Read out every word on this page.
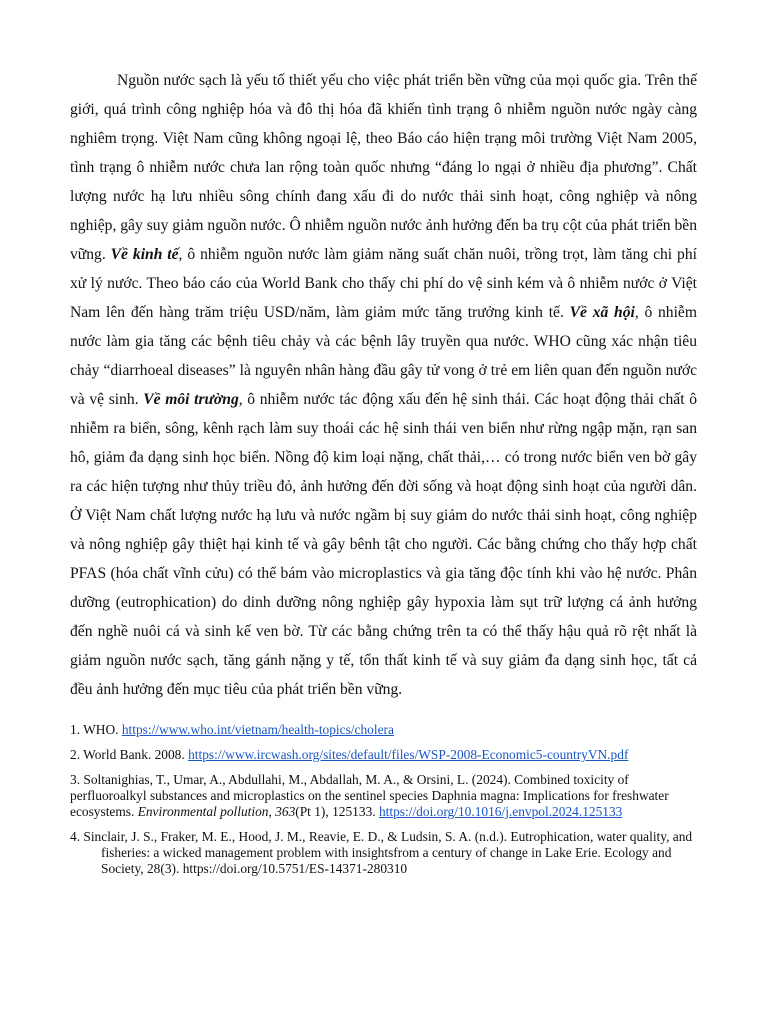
Nguồn nước sạch là yếu tố thiết yếu cho việc phát triển bền vững của mọi quốc gia. Trên thế giới, quá trình công nghiệp hóa và đô thị hóa đã khiến tình trạng ô nhiễm nguồn nước ngày càng nghiêm trọng. Việt Nam cũng không ngoại lệ, theo Báo cáo hiện trạng môi trường Việt Nam 2005, tình trạng ô nhiễm nước chưa lan rộng toàn quốc nhưng “đáng lo ngại ở nhiều địa phương”. Chất lượng nước hạ lưu nhiều sông chính đang xấu đi do nước thải sinh hoạt, công nghiệp và nông nghiệp, gây suy giảm nguồn nước. Ô nhiễm nguồn nước ảnh hưởng đến ba trụ cột của phát triển bền vững. Về kinh tế, ô nhiễm nguồn nước làm giảm năng suất chăn nuôi, trồng trọt, làm tăng chi phí xử lý nước. Theo báo cáo của World Bank cho thấy chi phí do vệ sinh kém và ô nhiễm nước ở Việt Nam lên đến hàng trăm triệu USD/năm, làm giảm mức tăng trưởng kinh tế. Về xã hội, ô nhiễm nước làm gia tăng các bệnh tiêu chảy và các bệnh lây truyền qua nước. WHO cũng xác nhận tiêu chảy “diarrhoeal diseases” là nguyên nhân hàng đầu gây tử vong ở trẻ em liên quan đến nguồn nước và vệ sinh. Về môi trường, ô nhiễm nước tác động xấu đến hệ sinh thái. Các hoạt động thải chất ô nhiễm ra biển, sông, kênh rạch làm suy thoái các hệ sinh thái ven biển như rừng ngập mặn, rạn san hô, giảm đa dạng sinh học biển. Nồng độ kim loại nặng, chất thải,… có trong nước biển ven bờ gây ra các hiện tượng như thủy triều đỏ, ảnh hưởng đến đời sống và hoạt động sinh hoạt của người dân. Ở Việt Nam chất lượng nước hạ lưu và nước ngầm bị suy giảm do nước thải sinh hoạt, công nghiệp và nông nghiệp gây thiệt hại kinh tế và gây bênh tật cho người. Các bằng chứng cho thấy hợp chất PFAS (hóa chất vĩnh cửu) có thể bám vào microplastics và gia tăng độc tính khi vào hệ nước. Phân dưỡng (eutrophication) do dinh dưỡng nông nghiệp gây hypoxia làm sụt trữ lượng cá ảnh hưởng đến nghề nuôi cá và sinh kế ven bờ. Từ các bằng chứng trên ta có thể thấy hậu quả rõ rệt nhất là giảm nguồn nước sạch, tăng gánh nặng y tế, tổn thất kinh tế và suy giảm đa dạng sinh học, tất cả đều ảnh hưởng đến mục tiêu của phát triển bền vững.

1. WHO. https://www.who.int/vietnam/health-topics/cholera

2. World Bank. 2008. https://www.ircwash.org/sites/default/files/WSP-2008-Economic5-countryVN.pdf

3. Soltanighias, T., Umar, A., Abdullahi, M., Abdallah, M. A., & Orsini, L. (2024). Combined toxicity of perfluoroalkyl substances and microplastics on the sentinel species Daphnia magna: Implications for freshwater ecosystems. Environmental pollution, 363(Pt 1), 125133. https://doi.org/10.1016/j.envpol.2024.125133

4. Sinclair, J. S., Fraker, M. E., Hood, J. M., Reavie, E. D., & Ludsin, S. A. (n.d.). Eutrophication, water quality, and fisheries: a wicked management problem with insightsfrom a century of change in Lake Erie. Ecology and Society, 28(3). https://doi.org/10.5751/ES-14371-280310
